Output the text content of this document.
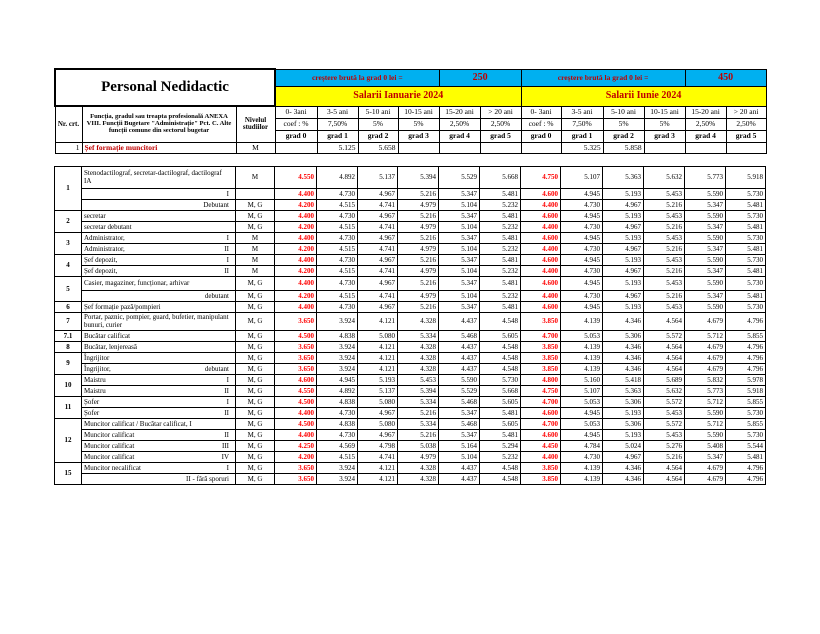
Personal Nedidactic			creștere brută la grad 0 lei =				250		creștere brută la grad 0 lei =				450	
			Salarii Ianuarie 2024						Salarii Iunie 2024					
Nr. crt.	Funcția, gradul sau treapta profesională ANEXA VIII. Funcții Bugetare "Administrație" Pct. C. Alte funcții comune din sectorul bugetar	Nivelul studiilor	0- 3ani	3-5 ani	5-10 ani	10-15 ani	15-20 ani	> 20 ani	0- 3ani	3-5 ani	5-10 ani	10-15 ani	15-20 ani	> 20 ani
			coef : %	7,50%	5%	5%	2,50%	2,50%	coef : %	7,50%	5%	5%	2,50%	2,50%
			grad 0	grad 1	grad 2	grad 3	grad 4	grad 5	grad 0	grad 1	grad 2	grad 3	grad 4	grad 5
1	Șef formație muncitori	M		5.125	5.658					5.325	5.858			
1	Stenodactilograf, secretar-dactilograf, dactilograf IA	M	4.550	4.892	5.137	5.394	5.529	5.668	4.750	5.107	5.363	5.632	5.773	5.918

	I		4.400	4.730	4.967	5.216	5.347	5.481	4.600	4.945	5.193	5.453	5.590	5.730

	Debutant	M, G	4.200	4.515	4.741	4.979	5.104	5.232	4.400	4.730	4.967	5.216	5.347	5.481
2	secretar	M, G	4.400	4.730	4.967	5.216	5.347	5.481	4.600	4.945	5.193	5.453	5.590	5.730

	secretar debutant	M, G	4.200	4.515	4.741	4.979	5.104	5.232	4.400	4.730	4.967	5.216	5.347	5.481
3	Administrator, I	M	4.400	4.730	4.967	5.216	5.347	5.481	4.600	4.945	5.193	5.453	5.590	5.730

	Administrator, II	M	4.200	4.515	4.741	4.979	5.104	5.232	4.400	4.730	4.967	5.216	5.347	5.481
4	Șef depozit, I	M	4.400	4.730	4.967	5.216	5.347	5.481	4.600	4.945	5.193	5.453	5.590	5.730

	Șef depozit, II	M	4.200	4.515	4.741	4.979	5.104	5.232	4.400	4.730	4.967	5.216	5.347	5.481
5	Casier, magaziner, funcționar, arhivar	M, G	4.400	4.730	4.967	5.216	5.347	5.481	4.600	4.945	5.193	5.453	5.590	5.730

	debutant	M, G	4.200	4.515	4.741	4.979	5.104	5.232	4.400	4.730	4.967	5.216	5.347	5.481
6	Șef formație pază/pompieri	M, G	4.400	4.730	4.967	5.216	5.347	5.481	4.600	4.945	5.193	5.453	5.590	5.730
7	Portar, paznic, pompier, guard, bufetier, manipulant bunuri, curier	M, G	3.650	3.924	4.121	4.328	4.437	4.548	3.850	4.139	4.346	4.564	4.679	4.796
7.1	Bucătar calificat	M, G	4.500	4.838	5.080	5.334	5.468	5.605	4.700	5.053	5.306	5.572	5.712	5.855
8	Bucătar, lenjereasă	M, G	3.650	3.924	4.121	4.328	4.437	4.548	3.850	4.139	4.346	4.564	4.679	4.796
9	Îngrijitor	M, G	3.650	3.924	4.121	4.328	4.437	4.548	3.850	4.139	4.346	4.564	4.679	4.796

	Îngrijitor, debutant	M, G	3.650	3.924	4.121	4.328	4.437	4.548	3.850	4.139	4.346	4.564	4.679	4.796
10	Maistru I	M, G	4.600	4.945	5.193	5.453	5.590	5.730	4.800	5.160	5.418	5.689	5.832	5.978

	Maistru II	M, G	4.550	4.892	5.137	5.394	5.529	5.668	4.750	5.107	5.363	5.632	5.773	5.918
11	Șofer I	M, G	4.500	4.838	5.080	5.334	5.468	5.605	4.700	5.053	5.306	5.572	5.712	5.855

	Șofer II	M, G	4.400	4.730	4.967	5.216	5.347	5.481	4.600	4.945	5.193	5.453	5.590	5.730
12	Muncitor calificat / Bucătar calificat, I	M, G	4.500	4.838	5.080	5.334	5.468	5.605	4.700	5.053	5.306	5.572	5.712	5.855

	Muncitor calificat II	M, G	4.400	4.730	4.967	5.216	5.347	5.481	4.600	4.945	5.193	5.453	5.590	5.730

	Muncitor calificat III	M, G	4.250	4.569	4.798	5.038	5.164	5.294	4.450	4.784	5.024	5.276	5.408	5.544

	Muncitor calificat IV	M, G	4.200	4.515	4.741	4.979	5.104	5.232	4.400	4.730	4.967	5.216	5.347	5.481
15	Muncitor necalificat I	M, G	3.650	3.924	4.121	4.328	4.437	4.548	3.850	4.139	4.346	4.564	4.679	4.796

	II - fără sporuri	M, G	3.650	3.924	4.121	4.328	4.437	4.548	3.850	4.139	4.346	4.564	4.679	4.796
